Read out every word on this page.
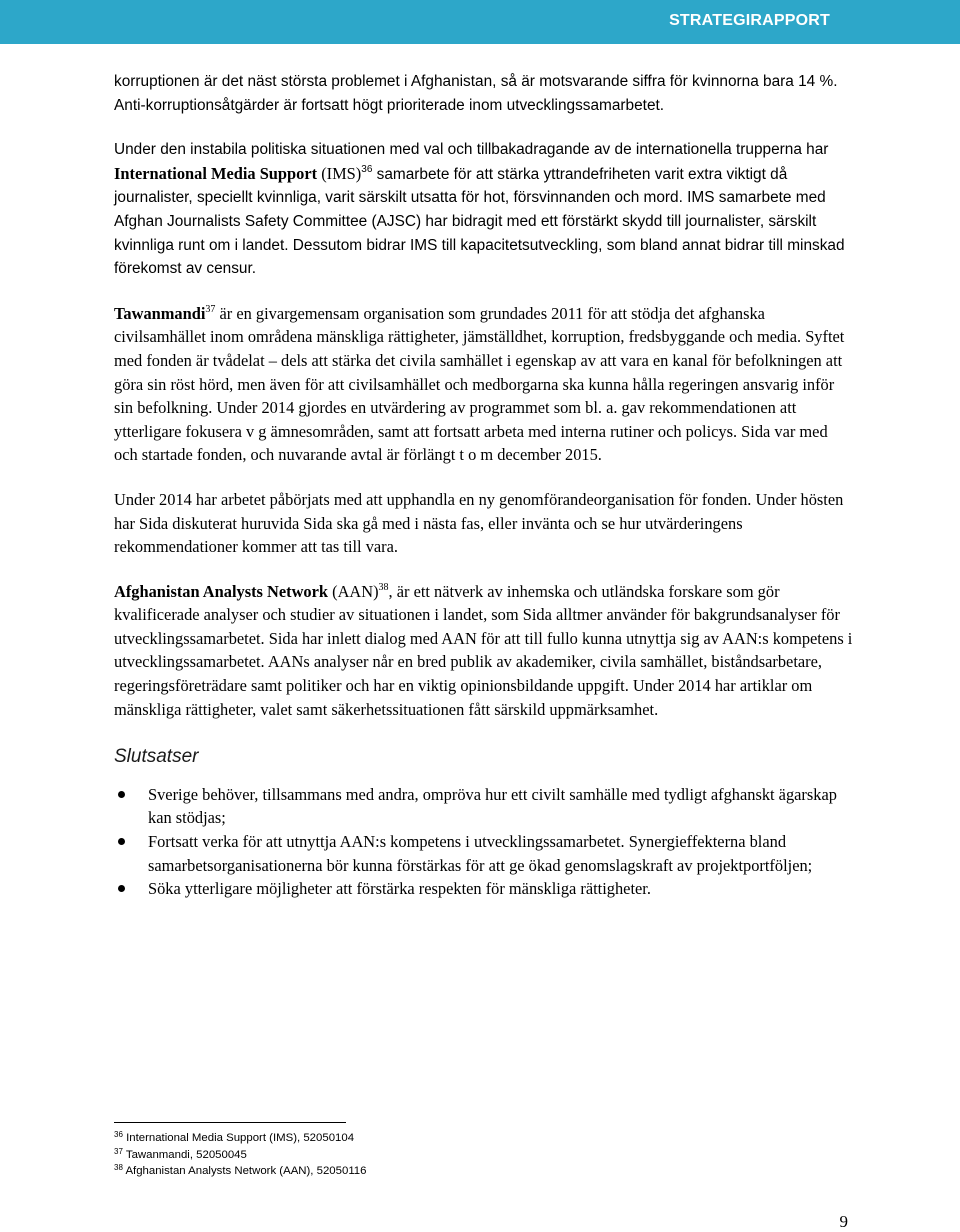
STRATEGIRAPPORT

korruptionen är det näst största problemet i Afghanistan, så är motsvarande siffra för kvinnorna bara 14 %. Anti-korruptionsåtgärder är fortsatt högt prioriterade inom utvecklingssamarbetet.

Under den instabila politiska situationen med val och tillbakadragande av de internationella trupperna har International Media Support (IMS)$^{36}$ samarbete för att stärka yttrandefriheten varit extra viktigt då journalister, speciellt kvinnliga, varit särskilt utsatta för hot, försvinnanden och mord. IMS samarbete med Afghan Journalists Safety Committee (AJSC) har bidragit med ett förstärkt skydd till journalister, särskilt kvinnliga runt om i landet. Dessutom bidrar IMS till kapacitetsutveckling, som bland annat bidrar till minskad förekomst av censur.

Tawanmandi$^{37}$ är en givargemensam organisation som grundades 2011 för att stödja det afghanska civilsamhället inom områdena mänskliga rättigheter, jämställdhet, korruption, fredsbyggande och media. Syftet med fonden är tvådelat – dels att stärka det civila samhället i egenskap av att vara en kanal för befolkningen att göra sin röst hörd, men även för att civilsamhället och medborgarna ska kunna hålla regeringen ansvarig inför sin befolkning. Under 2014 gjordes en utvärdering av programmet som bl. a. gav rekommendationen att ytterligare fokusera v g ämnesområden, samt att fortsatt arbeta med interna rutiner och policys. Sida var med och startade fonden, och nuvarande avtal är förlängt t o m december 2015.

Under 2014 har arbetet påbörjats med att upphandla en ny genomförandeorganisation för fonden. Under hösten har Sida diskuterat huruvida Sida ska gå med i nästa fas, eller invänta och se hur utvärderingens rekommendationer kommer att tas till vara.

Afghanistan Analysts Network (AAN)$^{38}$, är ett nätverk av inhemska och utländska forskare som gör kvalificerade analyser och studier av situationen i landet, som Sida alltmer använder för bakgrundsanalyser för utvecklingssamarbetet. Sida har inlett dialog med AAN för att till fullo kunna utnyttja sig av AAN:s kompetens i utvecklingssamarbetet. AANs analyser når en bred publik av akademiker, civila samhället, biståndsarbetare, regeringsföreträdare samt politiker och har en viktig opinionsbildande uppgift. Under 2014 har artiklar om mänskliga rättigheter, valet samt säkerhetssituationen fått särskild uppmärksamhet.

Slutsatser
Sverige behöver, tillsammans med andra, ompröva hur ett civilt samhälle med tydligt afghanskt ägarskap kan stödjas;
Fortsatt verka för att utnyttja AAN:s kompetens i utvecklingssamarbetet. Synergieffekterna bland samarbetsorganisationerna bör kunna förstärkas för att ge ökad genomslagskraft av projektportföljen;
Söka ytterligare möjligheter att förstärka respekten för mänskliga rättigheter.
$^{36}$ International Media Support (IMS), 52050104
$^{37}$ Tawanmandi, 52050045
$^{38}$ Afghanistan Analysts Network (AAN), 52050116
9
